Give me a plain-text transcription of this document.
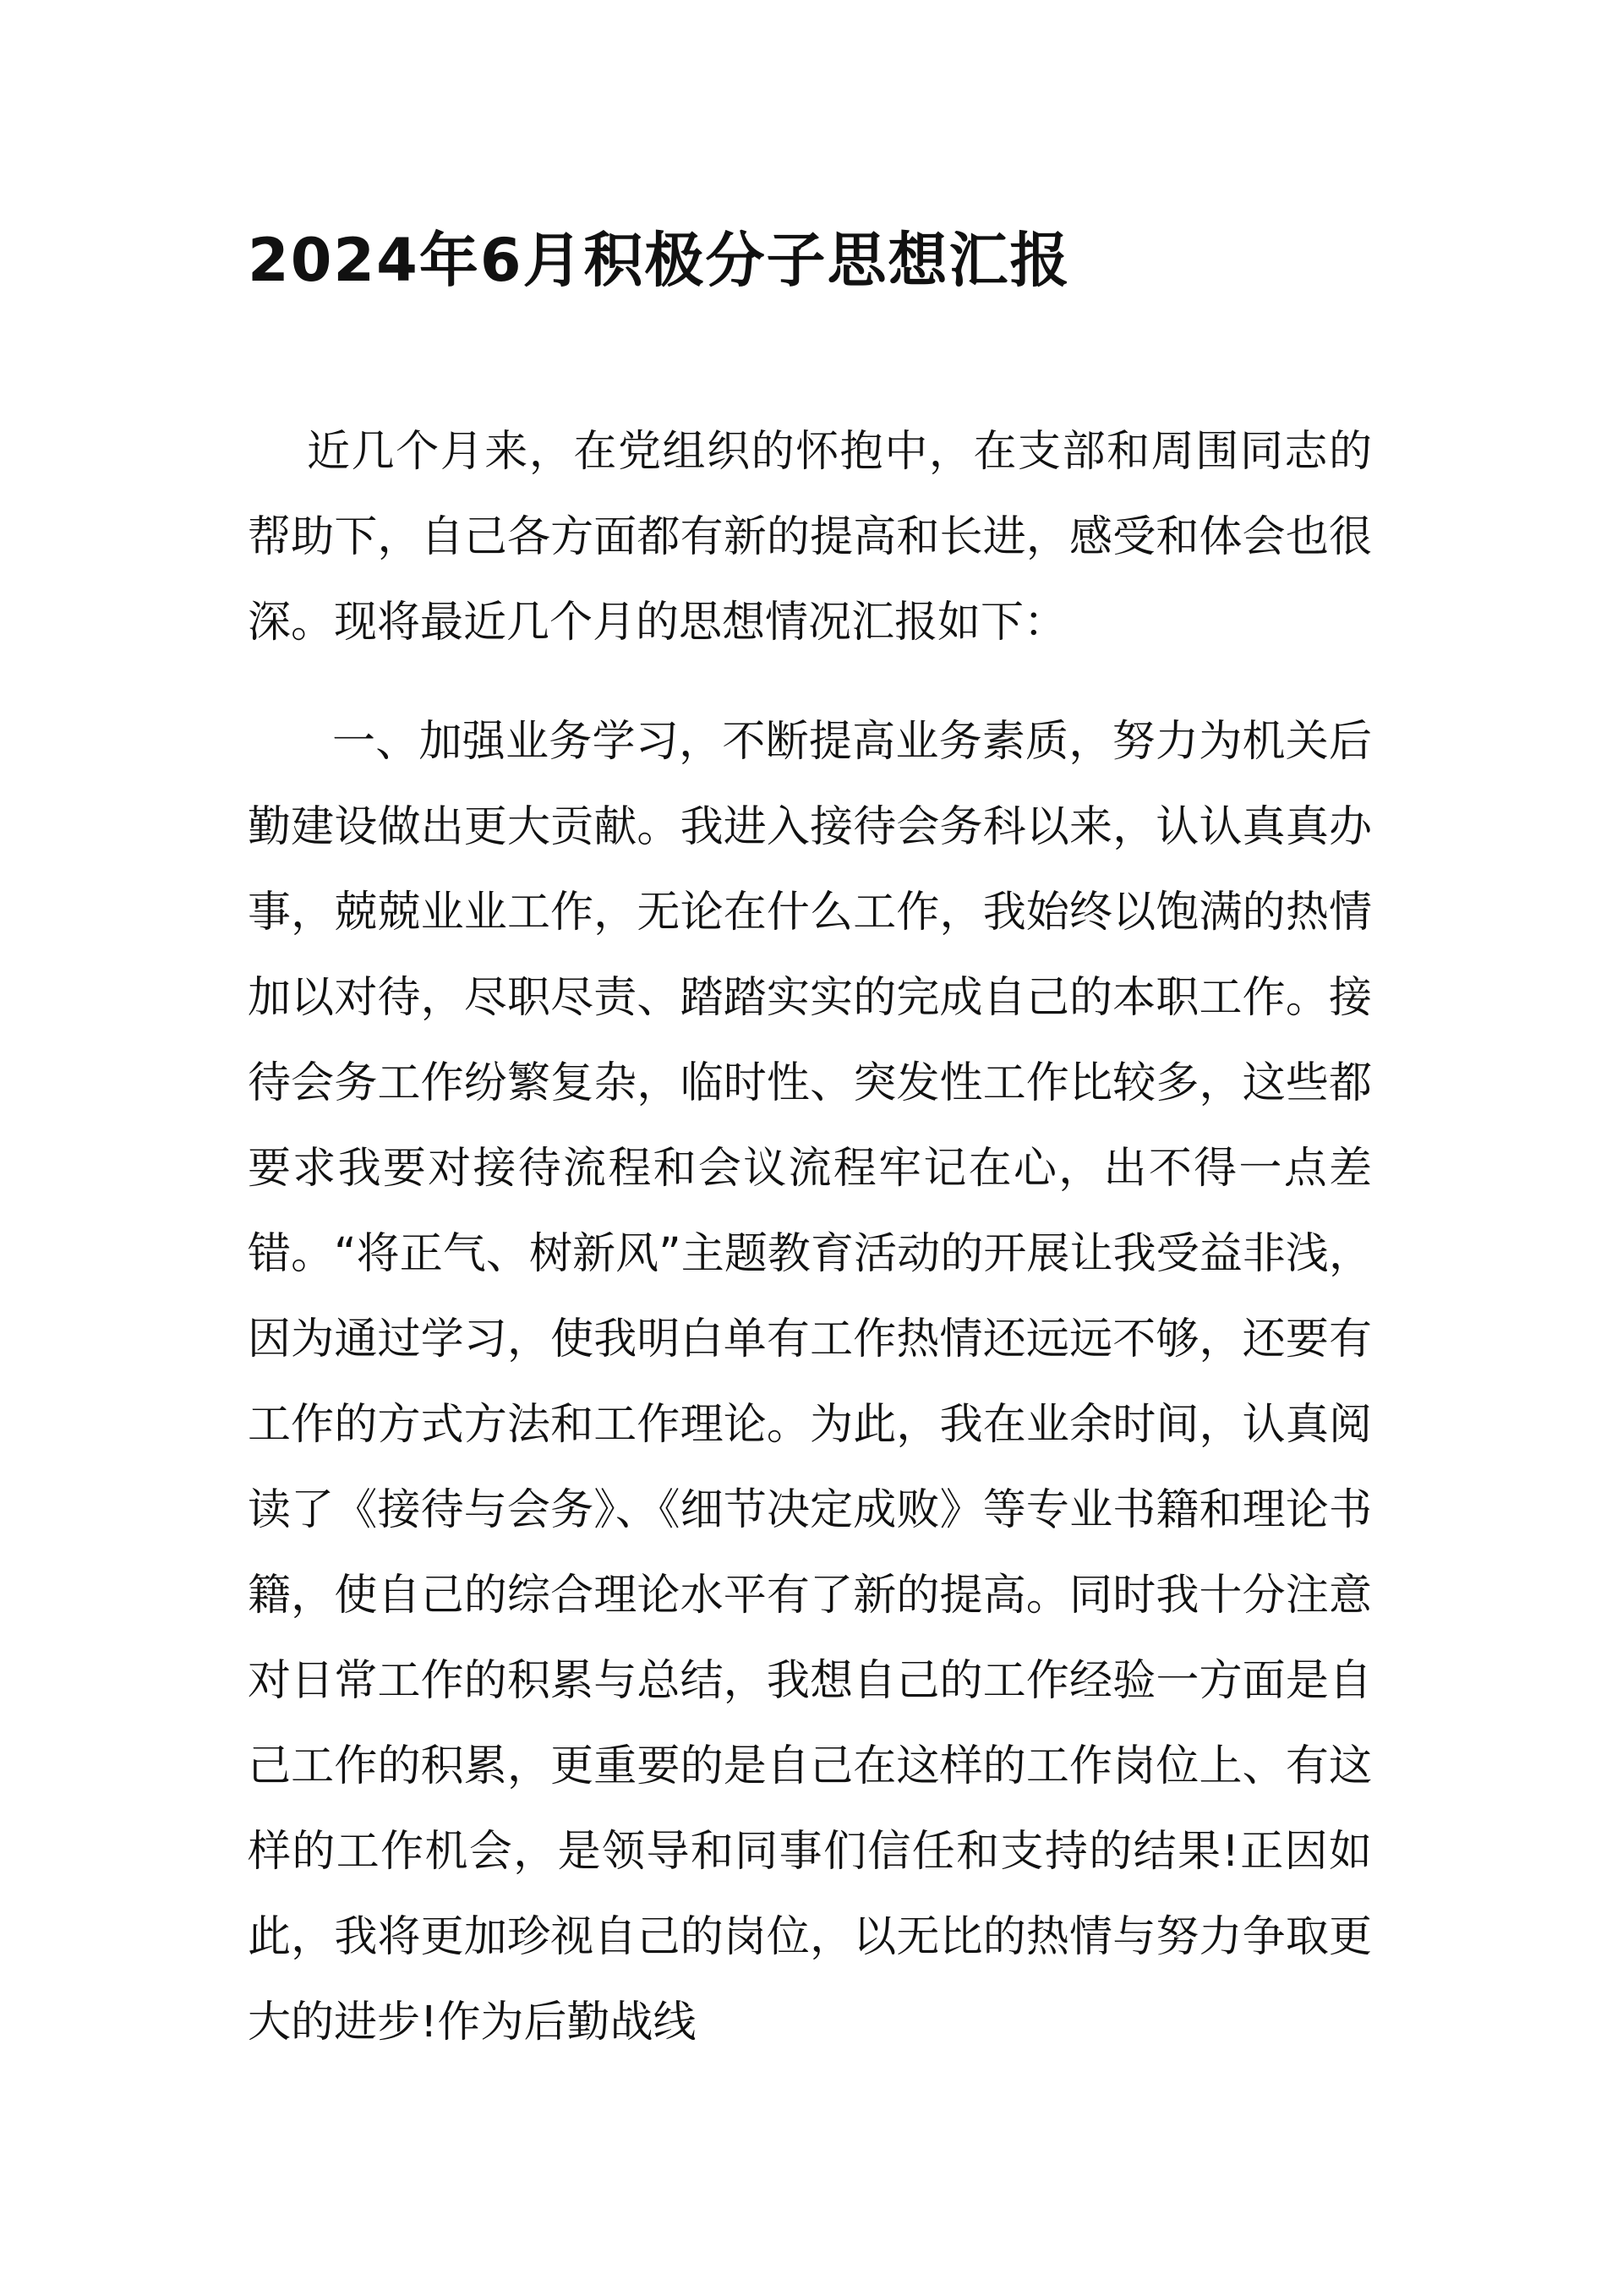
2024年6月积极分子思想汇报

近几个月来，在党组织的怀抱中，在支部和周围同志的帮助下，自己各方面都有新的提高和长进，感受和体会也很深。现将最近几个月的思想情况汇报如下：

一、加强业务学习，不断提高业务素质，努力为机关后勤建设做出更大贡献。我进入接待会务科以来，认认真真办事，兢兢业业工作，无论在什么工作，我始终以饱满的热情加以对待，尽职尽责、踏踏实实的完成自己的本职工作。接待会务工作纷繁复杂，临时性、突发性工作比较多，这些都要求我要对接待流程和会议流程牢记在心，出不得一点差错。“将正气、树新风”主题教育活动的开展让我受益非浅，因为通过学习，使我明白单有工作热情还远远不够，还要有工作的方式方法和工作理论。为此，我在业余时间，认真阅读了《接待与会务》、《细节决定成败》等专业书籍和理论书籍，使自己的综合理论水平有了新的提高。同时我十分注意对日常工作的积累与总结，我想自己的工作经验一方面是自己工作的积累，更重要的是自己在这样的工作岗位上、有这样的工作机会，是领导和同事们信任和支持的结果!正因如此，我将更加珍视自己的岗位，以无比的热情与努力争取更大的进步!作为后勤战线
